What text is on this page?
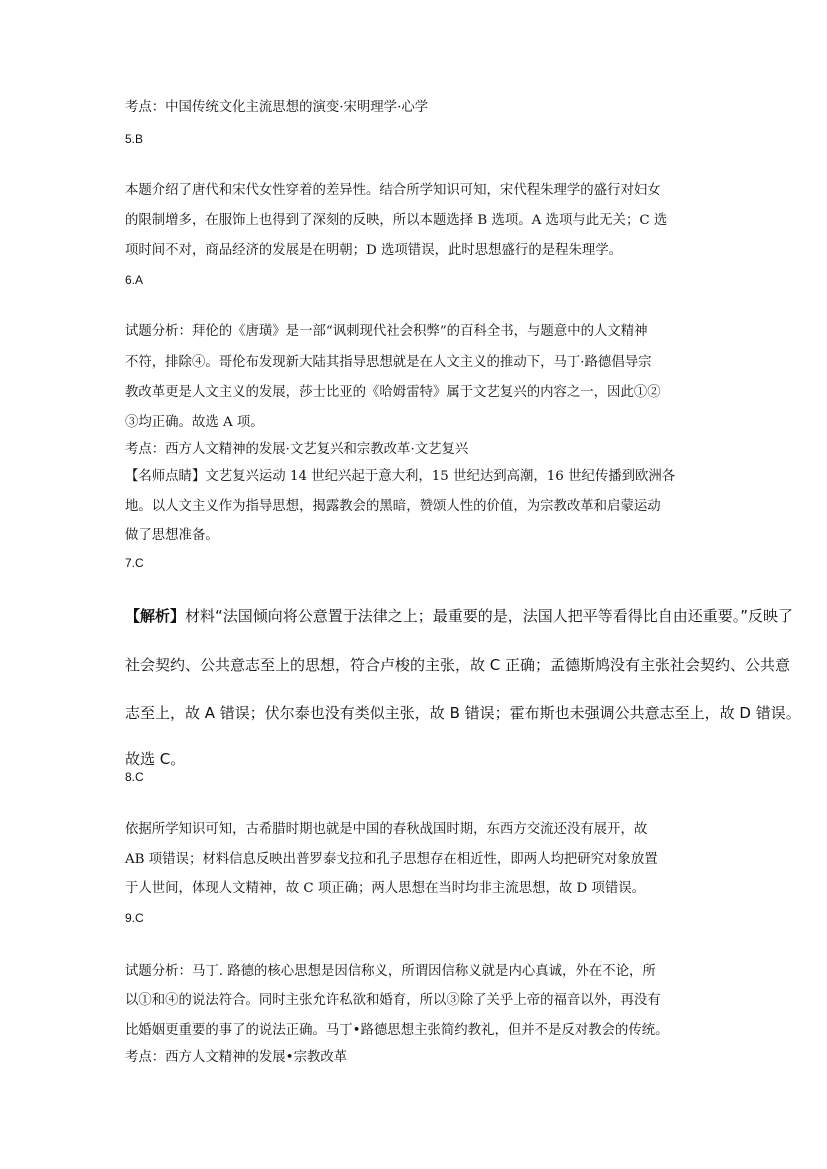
考点：中国传统文化主流思想的演变·宋明理学·心学
5.B
本题介绍了唐代和宋代女性穿着的差异性。结合所学知识可知，宋代程朱理学的盛行对妇女
的限制增多，在服饰上也得到了深刻的反映，所以本题选择 B 选项。A 选项与此无关；C 选
项时间不对，商品经济的发展是在明朝；D 选项错误，此时思想盛行的是程朱理学。
6.A
试题分析：拜伦的《唐璜》是一部“讽刺现代社会积弊”的百科全书，与题意中的人文精神
不符，排除④。哥伦布发现新大陆其指导思想就是在人文主义的推动下，马丁·路德倡导宗
教改革更是人文主义的发展，莎士比亚的《哈姆雷特》属于文艺复兴的内容之一，因此①②
③均正确。故选 A 项。
考点：西方人文精神的发展·文艺复兴和宗教改革·文艺复兴
【名师点睛】文艺复兴运动 14 世纪兴起于意大利，15 世纪达到高潮，16 世纪传播到欧洲各
地。以人文主义作为指导思想，揭露教会的黑暗，赞颂人性的价值，为宗教改革和启蒙运动
做了思想准备。
7.C
【解析】材料“法国倾向将公意置于法律之上；最重要的是，法国人把平等看得比自由还重要。”反映了
社会契约、公共意志至上的思想，符合卢梭的主张，故 C 正确；孟德斯鸠没有主张社会契约、公共意
志至上，故 A 错误；伏尔泰也没有类似主张，故 B 错误；霍布斯也未强调公共意志至上，故 D 错误。
故选 C。
8.C
依据所学知识可知，古希腊时期也就是中国的春秋战国时期，东西方交流还没有展开，故
AB 项错误；材料信息反映出普罗泰戈拉和孔子思想存在相近性，即两人均把研究对象放置
于人世间，体现人文精神，故 C 项正确；两人思想在当时均非主流思想，故 D 项错误。
9.C
试题分析：马丁. 路德的核心思想是因信称义，所谓因信称义就是内心真诚，外在不论，所
以①和④的说法符合。同时主张允许私欲和婚育，所以③除了关乎上帝的福音以外，再没有
比婚姻更重要的事了的说法正确。马丁•路德思想主张简约教礼，但并不是反对教会的传统。
考点：西方人文精神的发展•宗教改革
